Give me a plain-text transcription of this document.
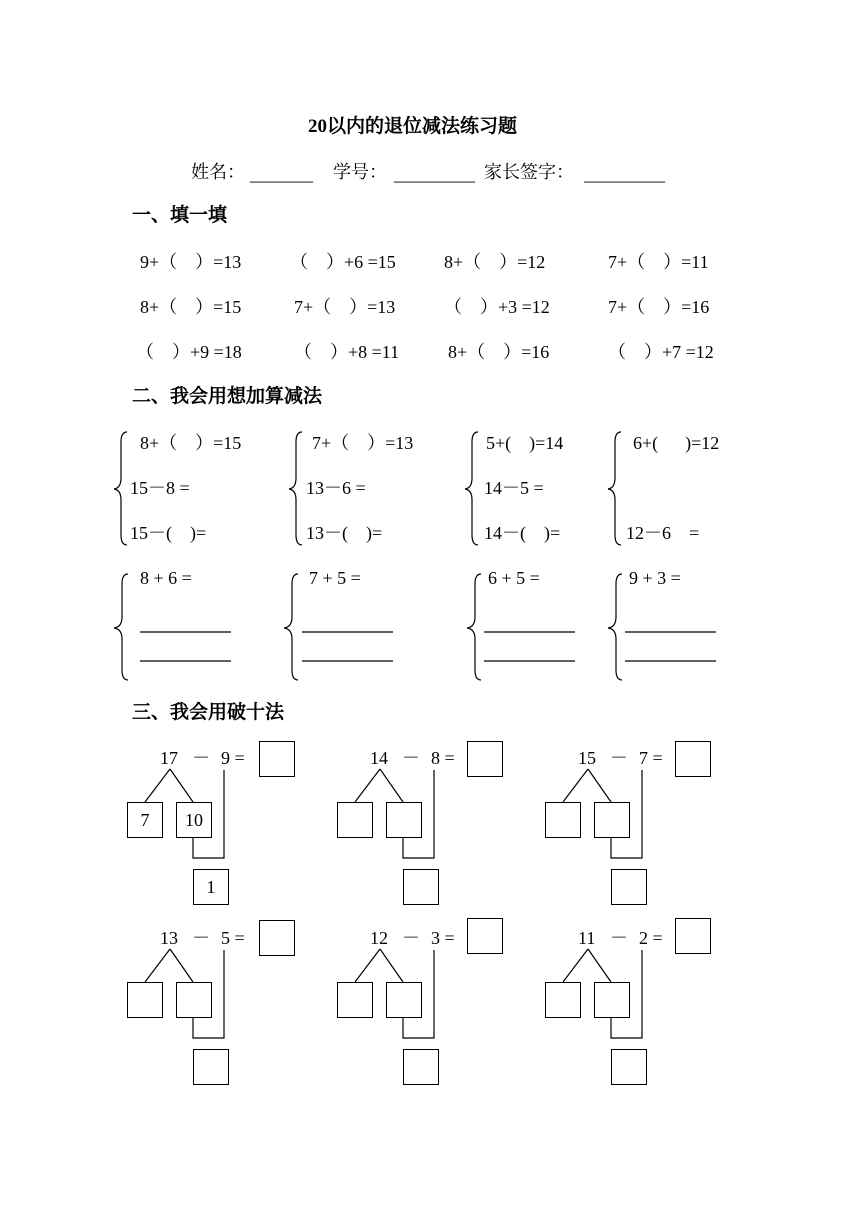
20以内的退位减法练习题
姓名： _______ 学号： _________ 家长签字： _________
一、填一填
9+（    ）=13	（    ）+6 =15	8+（    ）=12	7+（    ）=11
8+（    ）=15	7+（    ）=13	（    ）+3 =12	7+（    ）=16
（    ）+9 =18	（    ）+8 =11	8+（    ）=16	（    ）+7 =12
二、我会用想加算减法
8+（    ）=15
15－8 =
15－(    )=
7+（    ）=13
13－6 =
13－(    )=
5+(    )=14
14－5 =
14－(    )=
6+(      )=12
12－6    =
8 + 6 =	7 + 5 =	6 + 5 =	9 + 3 =
三、我会用破十法
17 － 9 =
7	10
1
14 － 8 =	15 － 7 =
13 － 5 =	12 － 3 =	11 － 2 =
